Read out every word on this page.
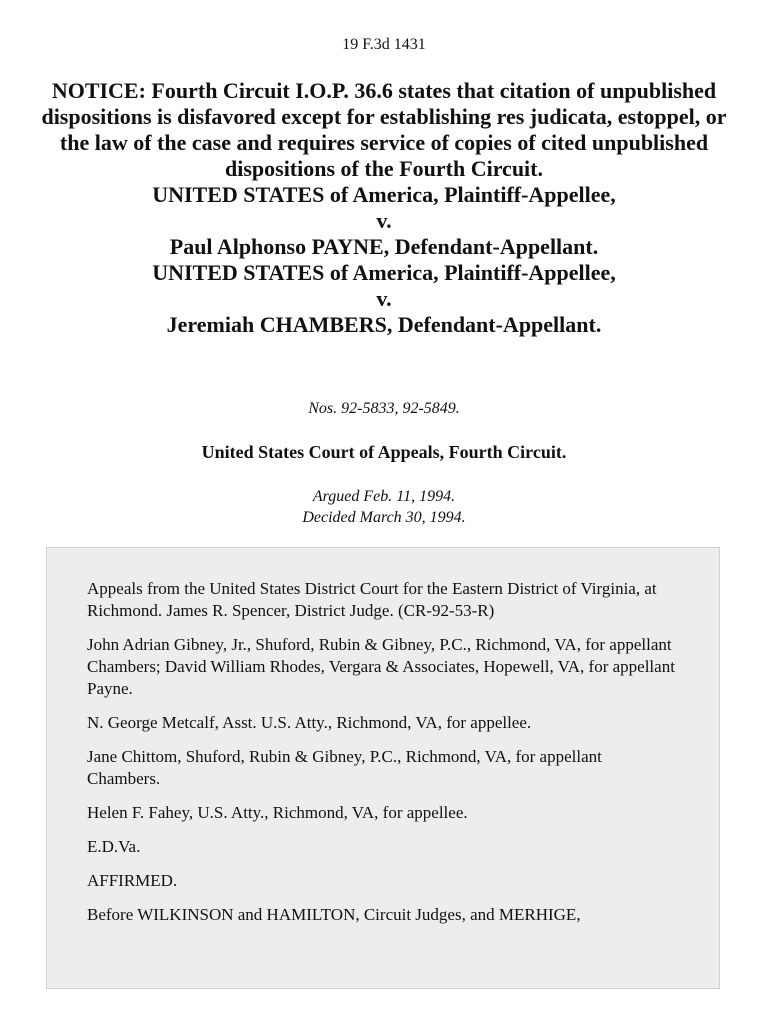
19 F.3d 1431
NOTICE: Fourth Circuit I.O.P. 36.6 states that citation of unpublished dispositions is disfavored except for establishing res judicata, estoppel, or the law of the case and requires service of copies of cited unpublished dispositions of the Fourth Circuit.
UNITED STATES of America, Plaintiff-Appellee,
v.
Paul Alphonso PAYNE, Defendant-Appellant.
UNITED STATES of America, Plaintiff-Appellee,
v.
Jeremiah CHAMBERS, Defendant-Appellant.
Nos. 92-5833, 92-5849.
United States Court of Appeals, Fourth Circuit.
Argued Feb. 11, 1994.
Decided March 30, 1994.

Appeals from the United States District Court for the Eastern District of Virginia, at Richmond. James R. Spencer, District Judge. (CR-92-53-R)

John Adrian Gibney, Jr., Shuford, Rubin & Gibney, P.C., Richmond, VA, for appellant Chambers; David William Rhodes, Vergara & Associates, Hopewell, VA, for appellant Payne.

N. George Metcalf, Asst. U.S. Atty., Richmond, VA, for appellee.

Jane Chittom, Shuford, Rubin & Gibney, P.C., Richmond, VA, for appellant Chambers.

Helen F. Fahey, U.S. Atty., Richmond, VA, for appellee.

E.D.Va.

AFFIRMED.

Before WILKINSON and HAMILTON, Circuit Judges, and MERHIGE,
